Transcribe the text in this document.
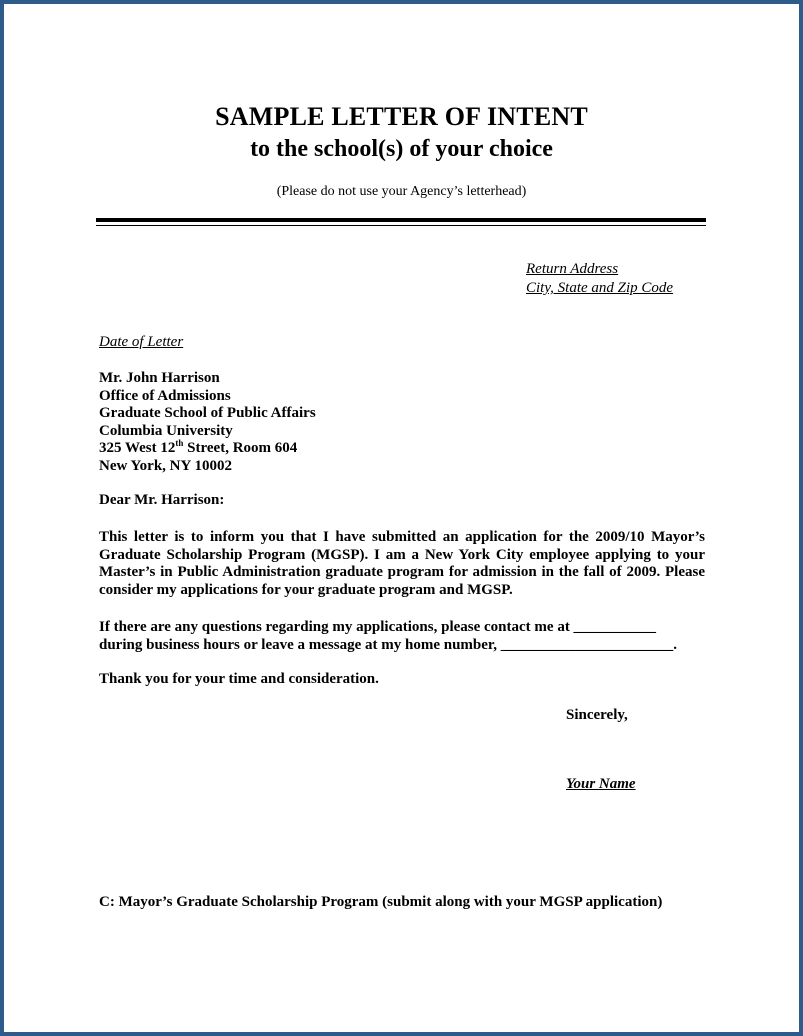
SAMPLE LETTER OF INTENT
to the school(s) of your choice
(Please do not use your Agency’s letterhead)
Return Address
City, State and Zip Code
Date of Letter
Mr. John Harrison
Office of Admissions
Graduate School of Public Affairs
Columbia University
325 West 12th Street, Room 604
New York, NY 10002
Dear Mr. Harrison:
This letter is to inform you that I have submitted an application for the 2009/10 Mayor’s Graduate Scholarship Program (MGSP). I am a New York City employee applying to your Master’s in Public Administration graduate program for admission in the fall of 2009. Please consider my applications for your graduate program and MGSP.
If there are any questions regarding my applications, please contact me at ___________
during business hours or leave a message at my home number, _______________________.
Thank you for your time and consideration.
Sincerely,
Your Name
C: Mayor’s Graduate Scholarship Program (submit along with your MGSP application)
